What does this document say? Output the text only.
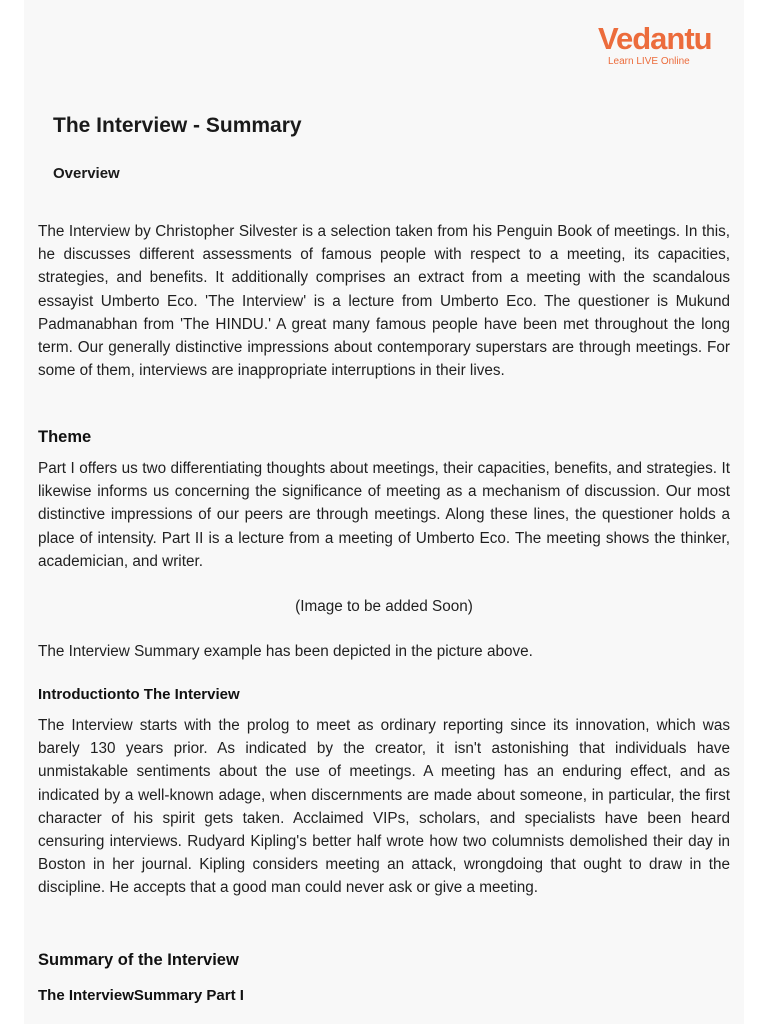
Vedantu
Learn LIVE Online
The Interview - Summary
Overview

The Interview by Christopher Silvester is a selection taken from his Penguin Book of meetings. In this, he discusses different assessments of famous people with respect to a meeting, its capacities, strategies, and benefits. It additionally comprises an extract from a meeting with the scandalous essayist Umberto Eco. 'The Interview' is a lecture from Umberto Eco. The questioner is Mukund Padmanabhan from 'The HINDU.' A great many famous people have been met throughout the long term. Our generally distinctive impressions about contemporary superstars are through meetings. For some of them, interviews are inappropriate interruptions in their lives.

Theme

Part I offers us two differentiating thoughts about meetings, their capacities, benefits, and strategies. It likewise informs us concerning the significance of meeting as a mechanism of discussion. Our most distinctive impressions of our peers are through meetings. Along these lines, the questioner holds a place of intensity. Part II is a lecture from a meeting of Umberto Eco. The meeting shows the thinker, academician, and writer.

(Image to be added Soon)

The Interview Summary example has been depicted in the picture above.

Introductionto The Interview

The Interview starts with the prolog to meet as ordinary reporting since its innovation, which was barely 130 years prior. As indicated by the creator, it isn't astonishing that individuals have unmistakable sentiments about the use of meetings. A meeting has an enduring effect, and as indicated by a well-known adage, when discernments are made about someone, in particular, the first character of his spirit gets taken. Acclaimed VIPs, scholars, and specialists have been heard censuring interviews. Rudyard Kipling's better half wrote how two columnists demolished their day in Boston in her journal. Kipling considers meeting an attack, wrongdoing that ought to draw in the discipline. He accepts that a good man could never ask or give a meeting.

Summary of the Interview
The InterviewSummary Part I
